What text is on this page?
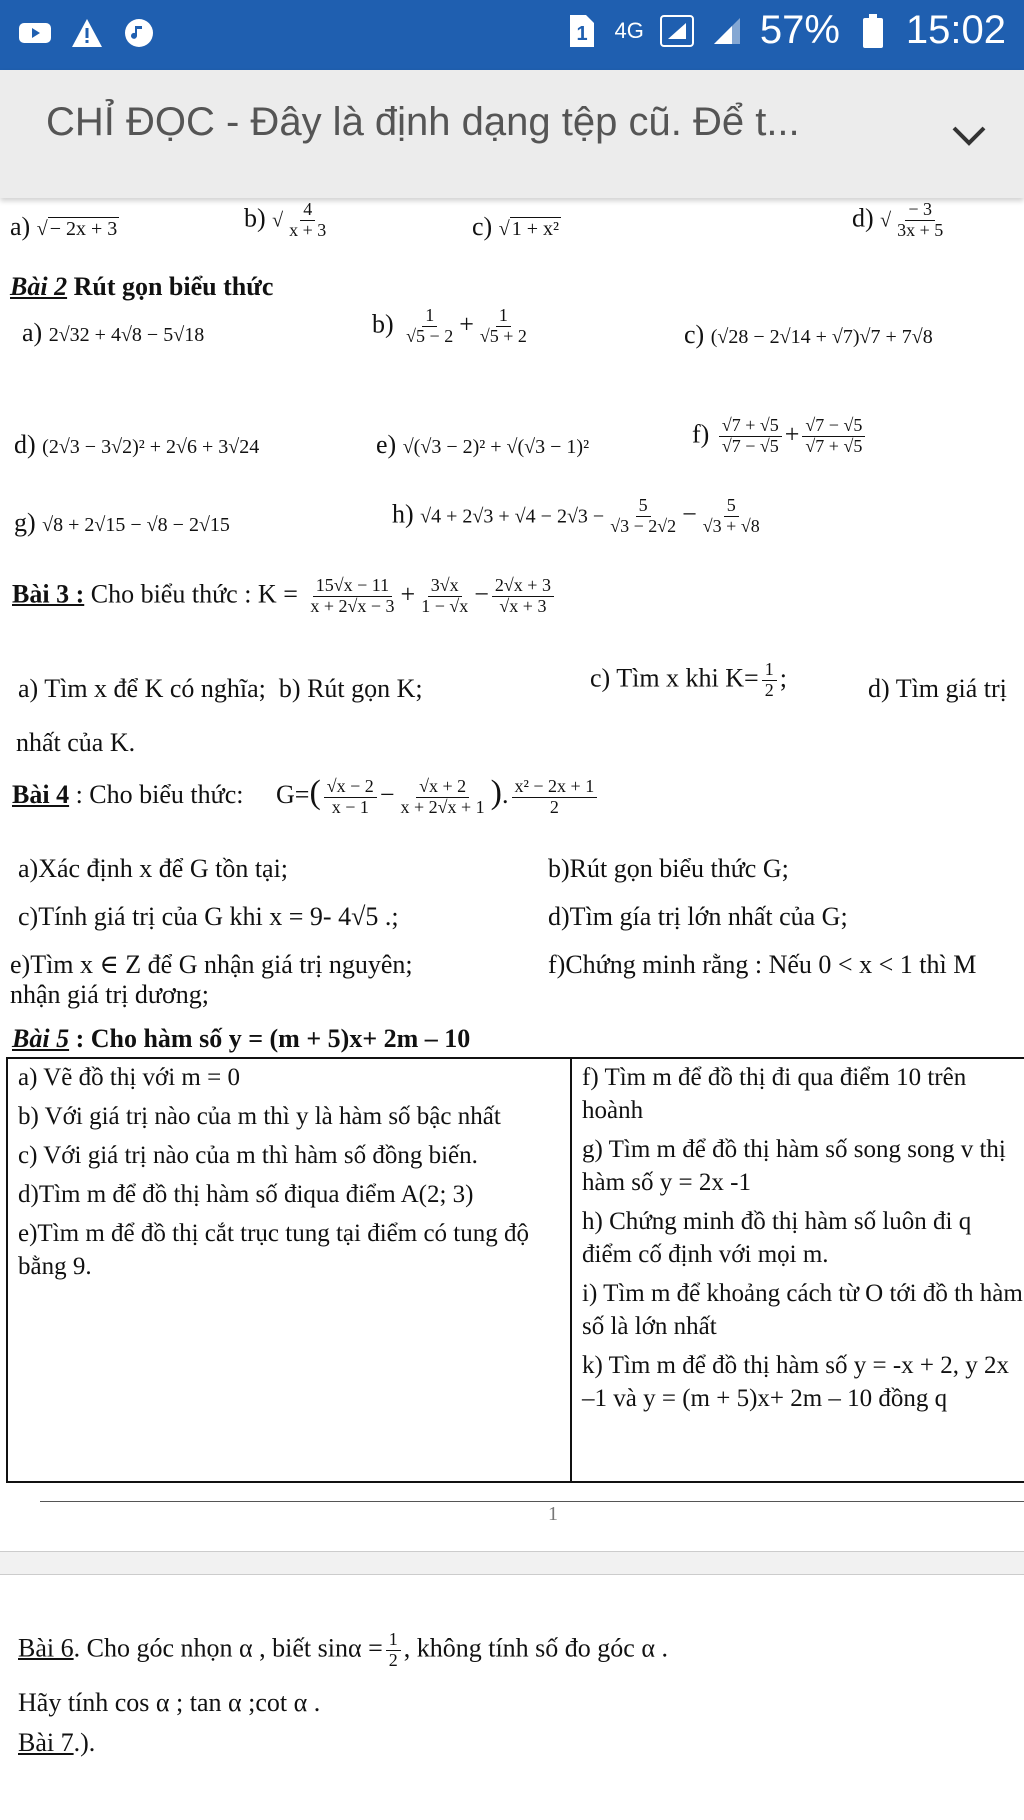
1 4G	57% 15:02
CHỈ ĐỌC - Đây là định dạng tệp cũ. Để t...
a) √ − 2x + 3	b) √ $\frac{4}{x + 3}$	c) √ 1 + x²	d) √ $\frac{- 3}{3x + 5}$
Bài 2 Rút gọn biểu thức
a) 2√32 + 4√8 − 5√18	$b) \frac{1}{√5 - 2} + \frac{1}{√5 + 2}$	c) (√28 − 2√14 + √7)√7 + 7√8
d) (2√3 − 3√2)² + 2√6 + 3√24	e) √(√3 − 2)² + √(√3 − 1)²	$f) \frac{√7 + √5}{√7 - √5} + \frac{√7 - √5}{√7 + √5}$
g) √8 + 2√15 − √8 − 2√15	h) $√4 + 2√3 + √4 - 2√3 - \frac{5}{√3 - 2√2} - \frac{5}{√3 + √8}$
Bài 3 : Cho biểu thức : $K = \frac{15√x - 11}{x + 2√x - 3} + \frac{3√x}{1 - √x} - \frac{2√x + 3}{√x + 3}$
a) Tìm x để K có nghĩa; b) Rút gọn K;	c) Tìm x khi $K= \frac{1}{2}$ ;	d) Tìm giá trị
nhất của K.
Bài 4 : Cho biểu thức: $G=( \frac{√x - 2}{x - 1} - \frac{√x + 2}{x + 2√x + 1}$ ). $\frac{\text{x² − 2x + 1}}{2}$
a)Xác định x để G tồn tại;	b)Rút gọn biểu thức G;
c)Tính giá trị của G khi x = 9- 4√5 .;	d)Tìm gía trị lớn nhất của G;
e)Tìm x ∈ Z để G nhận giá trị nguyên;	f)Chứng minh rằng : Nếu 0 < x < 1 thì M
nhận giá trị dương;
Bài 5 : Cho hàm số y = (m + 5)x+ 2m – 10
a) Vẽ đồ thị với m = 0
b) Với giá trị nào của m thì y là hàm số bậc nhất
c) Với giá trị nào của m thì hàm số đồng biến.
d)Tìm m để đồ thị hàm số điqua điểm A(2; 3)
e)Tìm m để đồ thị cắt trục tung tại điểm có tung độ bằng 9.

f) Tìm m để đồ thị đi qua điểm 10 trên hoành
g) Tìm m để đồ thị hàm số song song v thị hàm số y = 2x -1
h) Chứng minh đồ thị hàm số luôn đi q điểm cố định với mọi m.
i) Tìm m để khoảng cách từ O tới đồ th hàm số là lớn nhất
k) Tìm m để đồ thị hàm số y = -x + 2, y 2x –1 và y = (m + 5)x+ 2m – 10 đồng q
1
Bài 6. Cho góc nhọn α , biết $\sin\alpha = \frac{1}{2}$ , không tính số đo góc α .
Hãy tính cos α ; tan α ;cot α .
Bài 7.).
